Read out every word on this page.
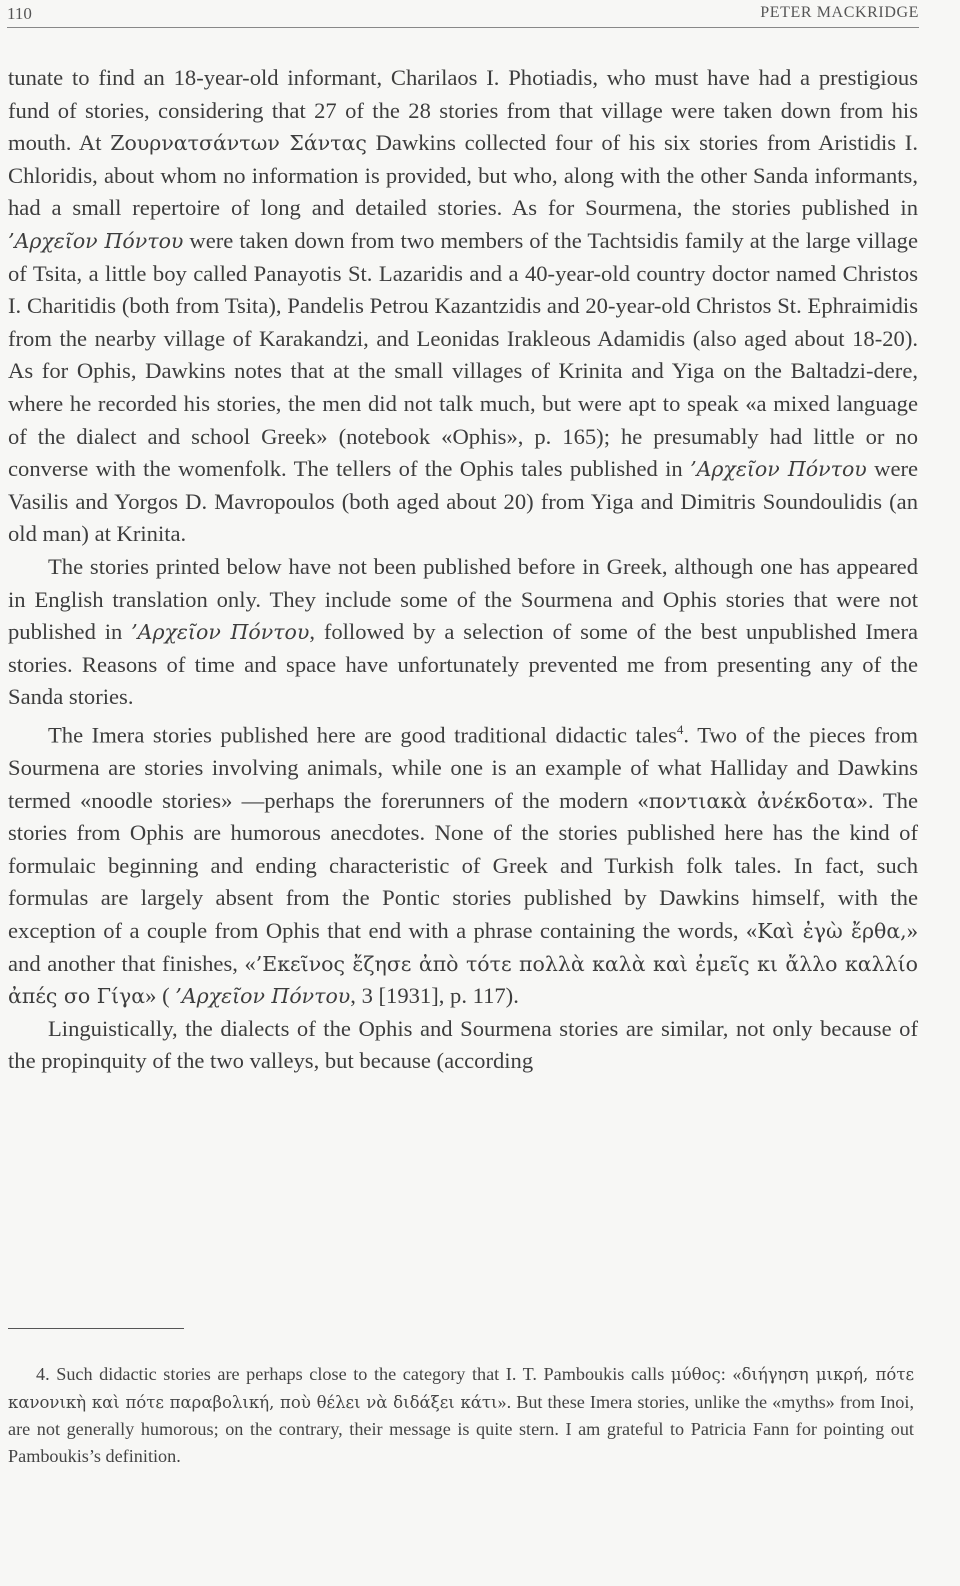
110	PETER MACKRIDGE

tunate to find an 18-year-old informant, Charilaos I. Photiadis, who must have had a prestigious fund of stories, considering that 27 of the 28 stories from that village were taken down from his mouth. At Ζουρνατσάντων Σάντας Dawkins collected four of his six stories from Aristidis I. Chloridis, about whom no information is provided, but who, along with the other Sanda informants, had a small repertoire of long and detailed stories. As for Sourmena, the stories published in ’Αρχεῖον Πόντου were taken down from two members of the Tachtsidis family at the large village of Tsita, a little boy called Panayotis St. Lazaridis and a 40-year-old country doctor named Christos I. Charitidis (both from Tsita), Pandelis Petrou Kazantzidis and 20-year-old Christos St. Ephraimidis from the nearby village of Karakandzi, and Leonidas Irakleous Adamidis (also aged about 18-20). As for Ophis, Dawkins notes that at the small villages of Krinita and Yiga on the Baltadzi-dere, where he recorded his stories, the men did not talk much, but were apt to speak «a mixed language of the dialect and school Greek» (notebook «Ophis», p. 165); he presumably had little or no converse with the womenfolk. The tellers of the Ophis tales published in ’Αρχεῖον Πόντου were Vasilis and Yorgos D. Mavropoulos (both aged about 20) from Yiga and Dimitris Soundoulidis (an old man) at Krinita.

The stories printed below have not been published before in Greek, although one has appeared in English translation only. They include some of the Sourmena and Ophis stories that were not published in ’Αρχεῖον Πόντου, followed by a selection of some of the best unpublished Imera stories. Reasons of time and space have unfortunately prevented me from presenting any of the Sanda stories.

The Imera stories published here are good traditional didactic tales$^4$. Two of the pieces from Sourmena are stories involving animals, while one is an example of what Halliday and Dawkins termed «noodle stories» —perhaps the forerunners of the modern «ποντιακὰ ἀνέκδοτα». The stories from Ophis are humorous anecdotes. None of the stories published here has the kind of formulaic beginning and ending characteristic of Greek and Turkish folk tales. In fact, such formulas are largely absent from the Pontic stories published by Dawkins himself, with the exception of a couple from Ophis that end with a phrase containing the words, «Καὶ ἐγὼ ἔρθα,» and another that finishes, «’Εκεῖνος ἔζησε ἀπὸ τότε πολλὰ καλὰ καὶ ἐμεῖς κι ἄλλο καλλίο ἀπές σο Γίγα» ( ’Αρχεῖον Πόντου, 3 [1931], p. 117).

Linguistically, the dialects of the Ophis and Sourmena stories are similar, not only because of the propinquity of the two valleys, but because (according

4. Such didactic stories are perhaps close to the category that I. T. Pamboukis calls μύθος: «διήγηση μικρή, πότε κανονικὴ καὶ πότε παραβολική, ποὺ θέλει νὰ διδάξει κάτι». But these Imera stories, unlike the «myths» from Inoi, are not generally humorous; on the contrary, their message is quite stern. I am grateful to Patricia Fann for pointing out Pamboukis’s definition.
